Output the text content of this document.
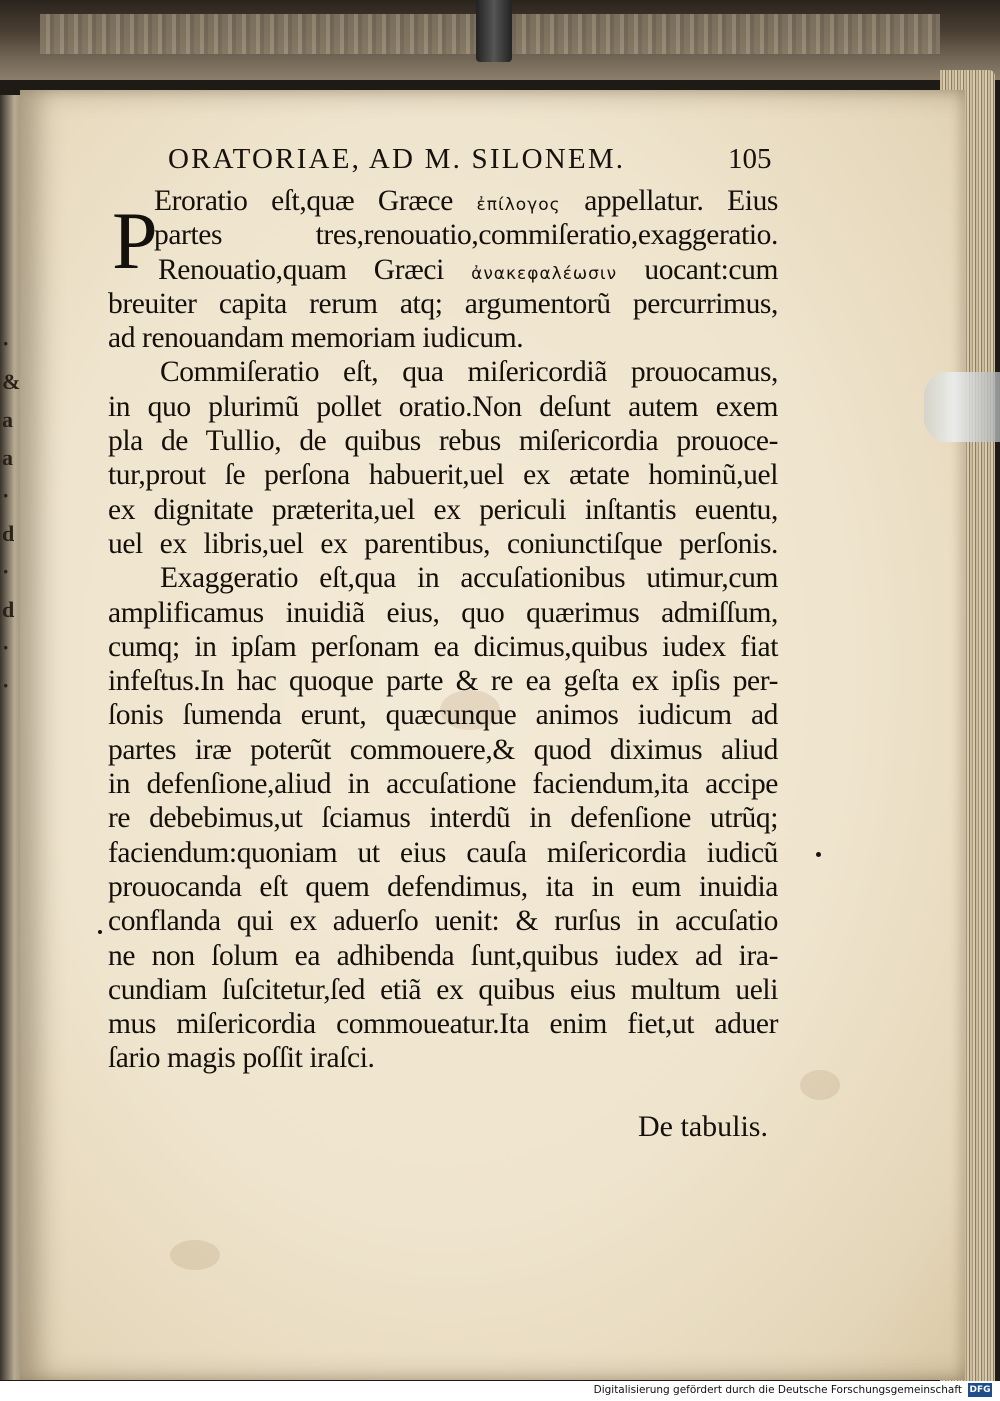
·
&
a
a
·
d
·
d
·
·
ORATORIAE, AD M. SILONEM.	105
P
Eroratio eſt,quæ Græce ἐπίλογος appellatur. Eius
partes tres,renouatio,commiſeratio,exaggeratio.
Renouatio,quam Græci ἀνακεφαλέωσιν uocant:cum
breuiter capita rerum atq; argumentorũ percurrimus,
ad renouandam memoriam iudicum.
Commiſeratio eſt, qua miſericordiã prouocamus,
in quo plurimũ pollet oratio.Non deſunt autem exem
pla de Tullio, de quibus rebus miſericordia prouoce-
tur,prout ſe perſona habuerit,uel ex ætate hominũ,uel
ex dignitate præterita,uel ex periculi inſtantis euentu,
uel ex libris,uel ex parentibus, coniunctiſque perſonis.
Exaggeratio eſt,qua in accuſationibus utimur,cum
amplificamus inuidiã eius, quo quærimus admiſſum,
cumq; in ipſam perſonam ea dicimus,quibus iudex fiat
infeſtus.In hac quoque parte & re ea geſta ex ipſis per-
ſonis ſumenda erunt, quæcunque animos iudicum ad
partes iræ poterũt commouere,& quod diximus aliud
in defenſione,aliud in accuſatione faciendum,ita accipe
re debebimus,ut ſciamus interdũ in defenſione utrũq;
faciendum:quoniam ut eius cauſa miſericordia iudicũ
prouocanda eſt quem defendimus, ita in eum inuidia
conflanda qui ex aduerſo uenit: & rurſus in accuſatio
ne non ſolum ea adhibenda ſunt,quibus iudex ad ira-
cundiam ſuſcitetur,ſed etiã ex quibus eius multum ueli
mus miſericordia commoueatur.Ita enim fiet,ut aduer
ſario magis poſſit iraſci.
De tabulis.
Digitalisierung gefördert durch die Deutsche Forschungsgemeinschaft DFG
